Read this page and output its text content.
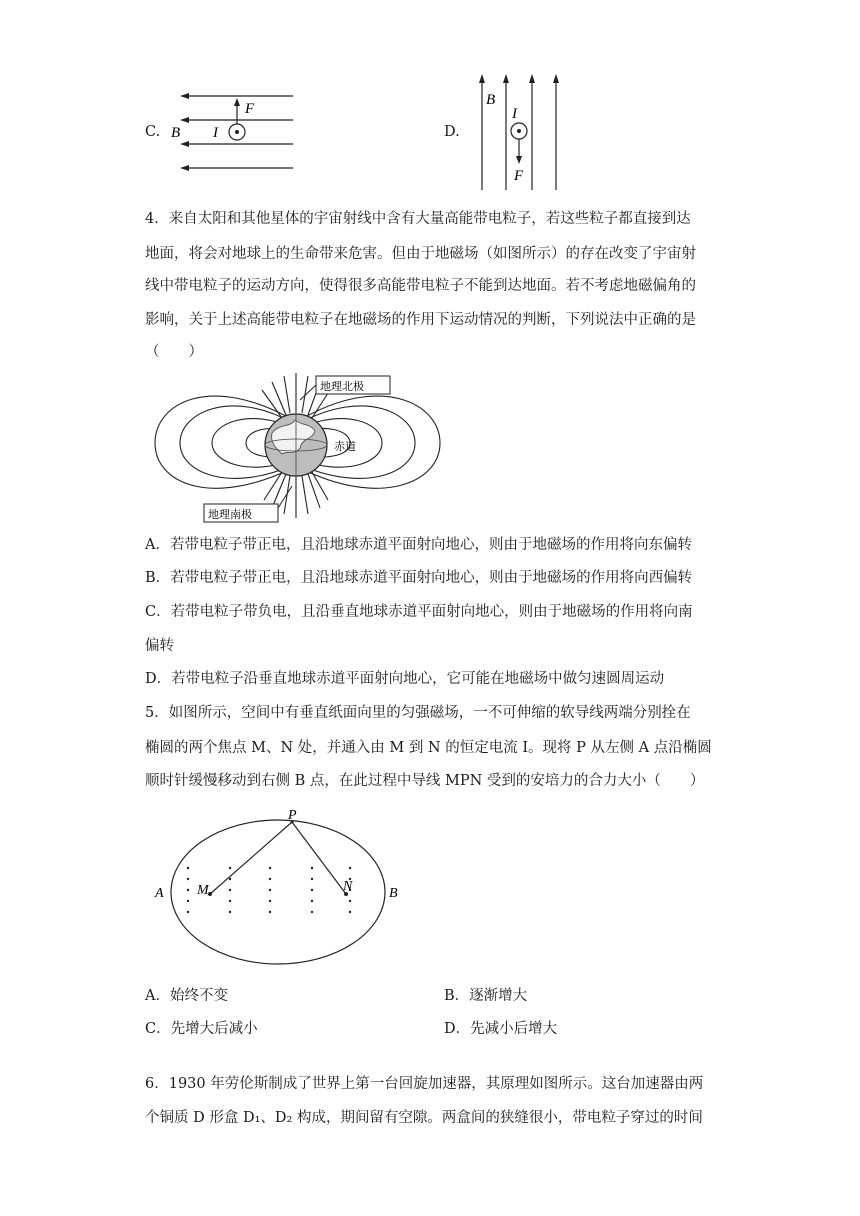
C.
F
I
B	D.
B
I
F
4．来自太阳和其他星体的宇宙射线中含有大量高能带电粒子，若这些粒子都直接到达
地面，将会对地球上的生命带来危害。但由于地磁场（如图所示）的存在改变了宇宙射
线中带电粒子的运动方向，使得很多高能带电粒子不能到达地面。若不考虑地磁偏角的
影响，关于上述高能带电粒子在地磁场的作用下运动情况的判断，下列说法中正确的是
（　　）
地理北极
赤道
地理南极
A．若带电粒子带正电，且沿地球赤道平面射向地心，则由于地磁场的作用将向东偏转
B．若带电粒子带正电，且沿地球赤道平面射向地心，则由于地磁场的作用将向西偏转
C．若带电粒子带负电，且沿垂直地球赤道平面射向地心，则由于地磁场的作用将向南
偏转
D．若带电粒子沿垂直地球赤道平面射向地心，它可能在地磁场中做匀速圆周运动
5．如图所示，空间中有垂直纸面向里的匀强磁场，一不可伸缩的软导线两端分别拴在
椭圆的两个焦点 M、N 处，并通入由 M 到 N 的恒定电流 I。现将 P 从左侧 A 点沿椭圆
顺时针缓慢移动到右侧 B 点，在此过程中导线 MPN 受到的安培力的合力大小（　　）
P
M	N
A	B
A．始终不变	B．逐渐增大
C．先增大后减小	D．先减小后增大
6．1930 年劳伦斯制成了世界上第一台回旋加速器，其原理如图所示。这台加速器由两
个铜质 D 形盒 D₁、D₂ 构成，期间留有空隙。两盒间的狭缝很小，带电粒子穿过的时间
